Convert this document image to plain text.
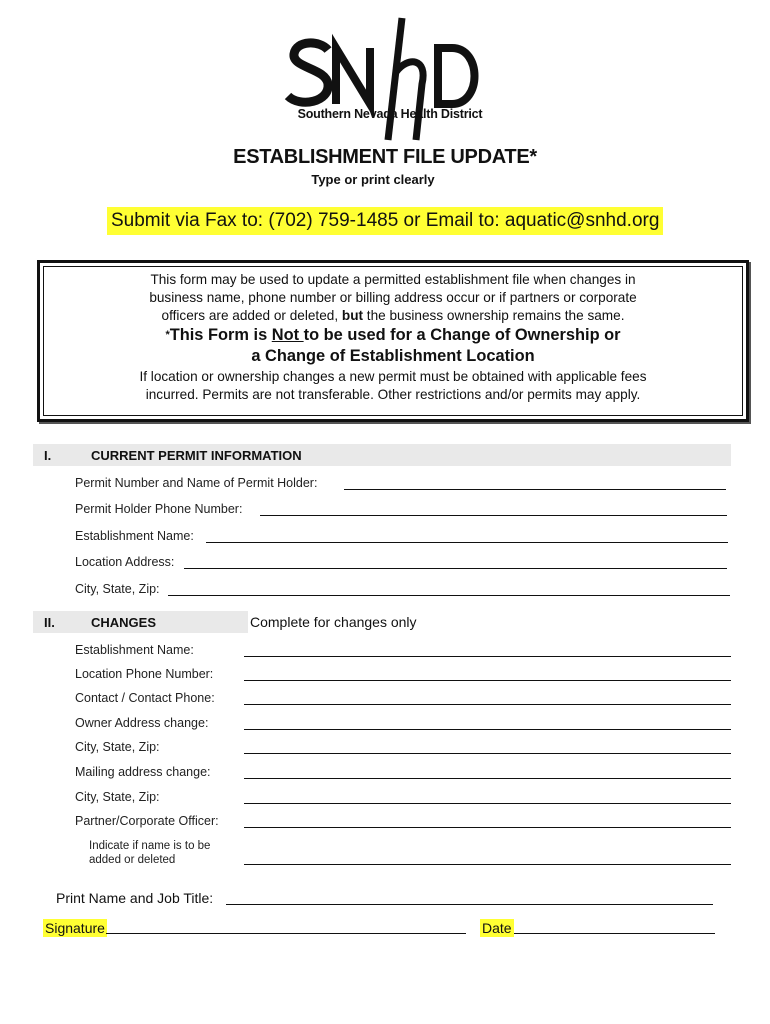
Southern Nevada Health District
ESTABLISHMENT FILE UPDATE*
Type or print clearly
Submit via Fax to: (702) 759-1485 or Email to: aquatic@snhd.org

This form may be used to update a permitted establishment file when changes in

business name, phone number or billing address occur or if partners or corporate

officers are added or deleted, but the business ownership remains the same.

*This Form is Not to be used for a Change of Ownership or

a Change of Establishment Location

If location or ownership changes a new permit must be obtained with applicable fees

incurred. Permits are not transferable. Other restrictions and/or permits may apply.

I.	CURRENT PERMIT INFORMATION
Permit Number and Name of Permit Holder:
Permit Holder Phone Number:
Establishment Name:
Location Address:
City, State, Zip:
II.	CHANGES	Complete for changes only
Establishment Name:
Location Phone Number:
Contact / Contact Phone:
Owner Address change:
City, State, Zip:
Mailing address change:
City, State, Zip:
Partner/Corporate Officer:
Indicate if name is to be
added or deleted
Print Name and Job Title:
Signature	Date
